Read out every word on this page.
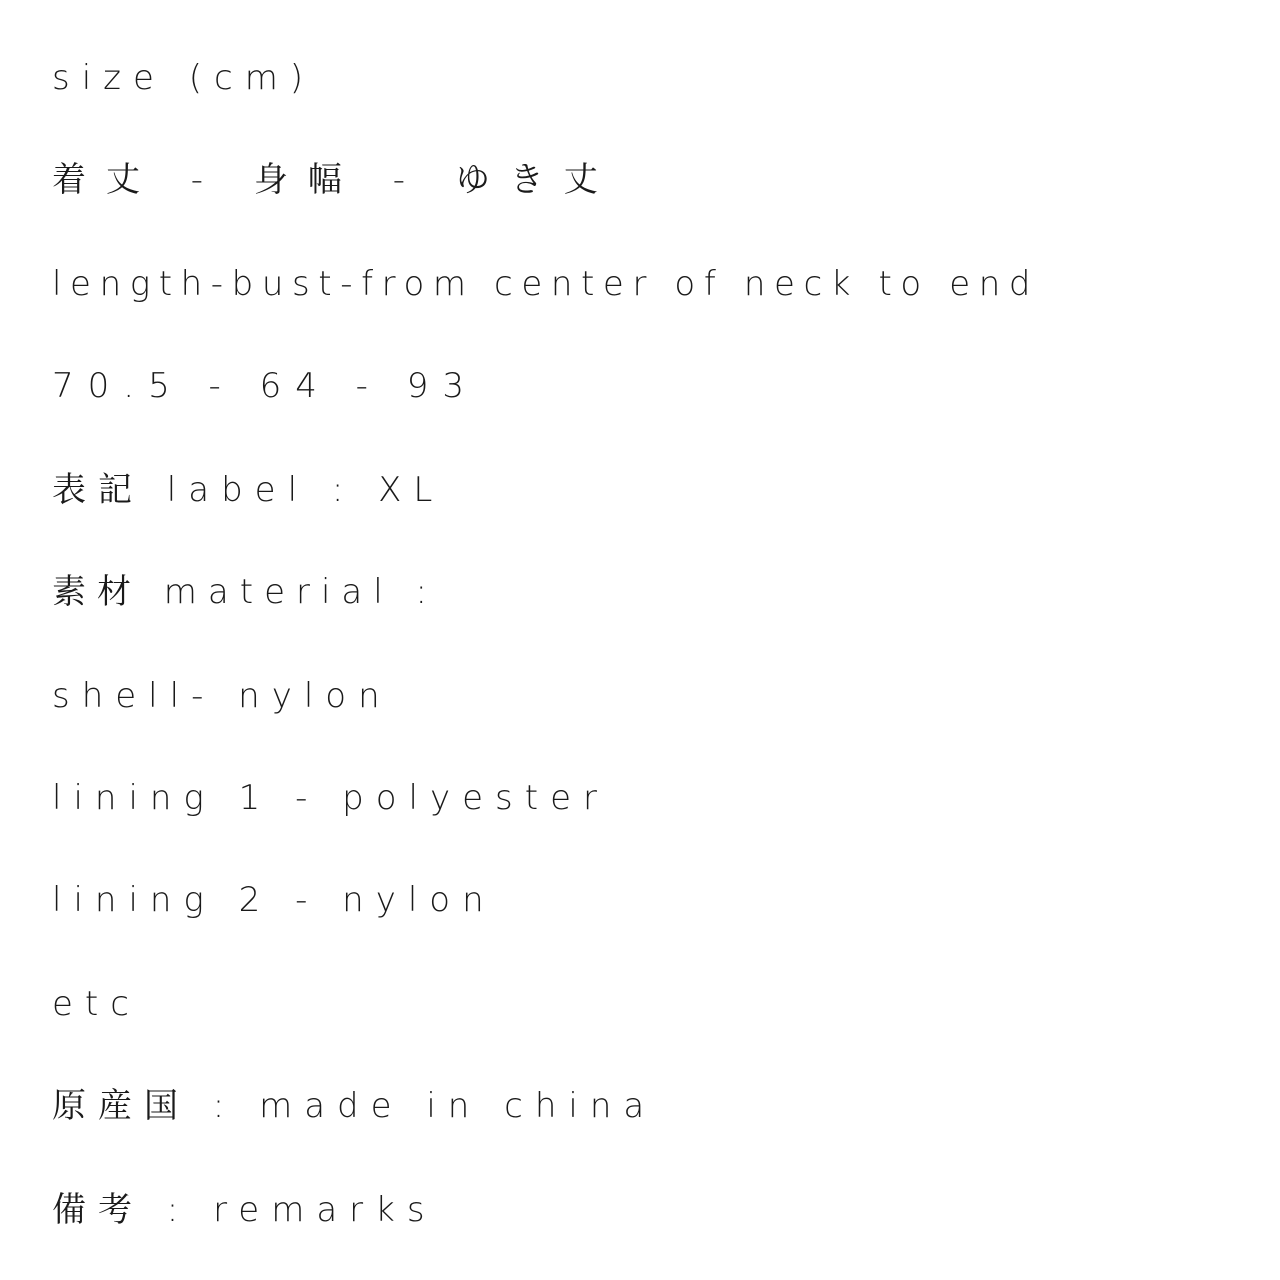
size (cm)
着丈 - 身幅 - ゆき丈
length-bust-from center of neck to end
70.5 - 64 - 93
表記 label : XL
素材 material :
shell- nylon
lining 1 - polyester
lining 2 - nylon
etc
原産国 : made in china
備考 : remarks
